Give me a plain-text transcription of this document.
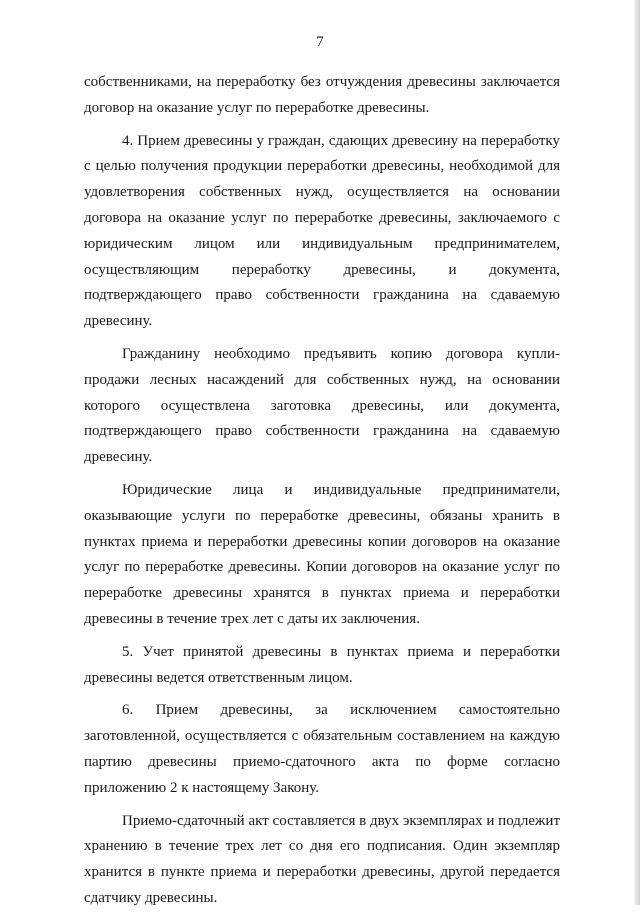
7

собственниками, на переработку без отчуждения древесины заключается договор на оказание услуг по переработке древесины.

4. Прием древесины у граждан, сдающих древесину на переработку с целью получения продукции переработки древесины, необходимой для удовлетворения собственных нужд, осуществляется на основании договора на оказание услуг по переработке древесины, заключаемого с юридическим лицом или индивидуальным предпринимателем, осуществляющим переработку древесины, и документа, подтверждающего право собственности гражданина на сдаваемую древесину.

Гражданину необходимо предъявить копию договора купли-продажи лесных насаждений для собственных нужд, на основании которого осуществлена заготовка древесины, или документа, подтверждающего право собственности гражданина на сдаваемую древесину.

Юридические лица и индивидуальные предприниматели, оказывающие услуги по переработке древесины, обязаны хранить в пунктах приема и переработки древесины копии договоров на оказание услуг по переработке древесины. Копии договоров на оказание услуг по переработке древесины хранятся в пунктах приема и переработки древесины в течение трех лет с даты их заключения.

5. Учет принятой древесины в пунктах приема и переработки древесины ведется ответственным лицом.

6. Прием древесины, за исключением самостоятельно заготовленной, осуществляется с обязательным составлением на каждую партию древесины приемо-сдаточного акта по форме согласно приложению 2 к настоящему Закону.

Приемо-сдаточный акт составляется в двух экземплярах и подлежит хранению в течение трех лет со дня его подписания. Один экземпляр хранится в пункте приема и переработки древесины, другой передается сдатчику древесины.
